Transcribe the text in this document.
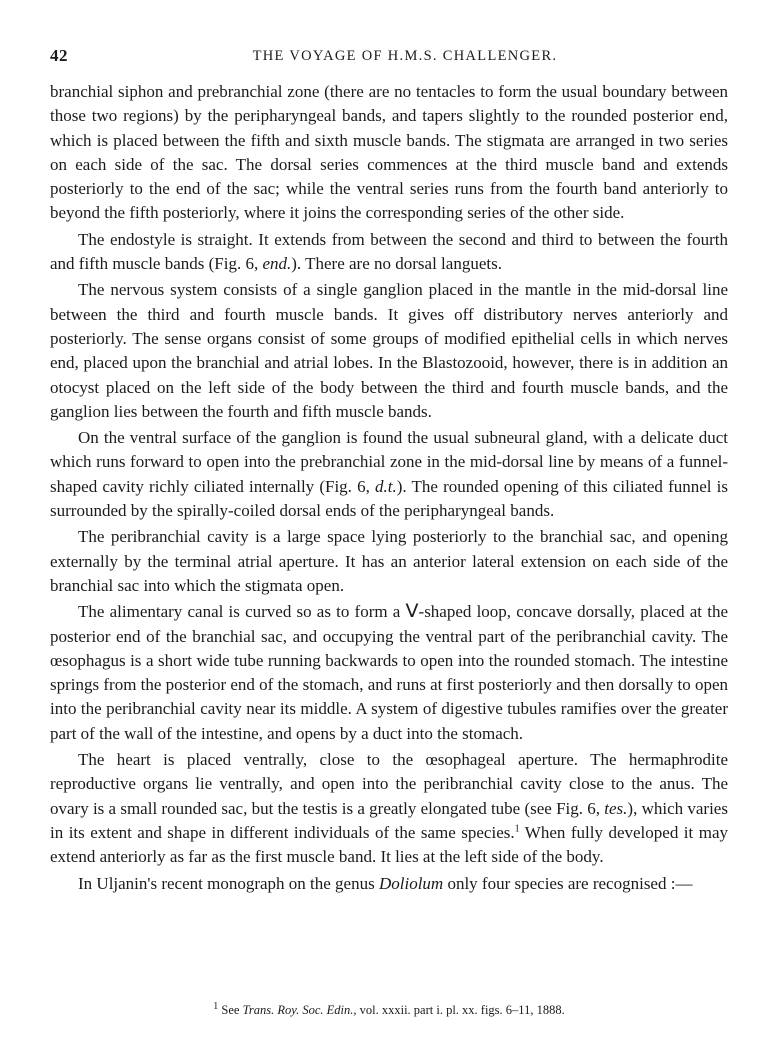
42	THE VOYAGE OF H.M.S. CHALLENGER.

branchial siphon and prebranchial zone (there are no tentacles to form the usual boundary between those two regions) by the peripharyngeal bands, and tapers slightly to the rounded posterior end, which is placed between the fifth and sixth muscle bands. The stigmata are arranged in two series on each side of the sac. The dorsal series commences at the third muscle band and extends posteriorly to the end of the sac; while the ventral series runs from the fourth band anteriorly to beyond the fifth posteriorly, where it joins the corresponding series of the other side.

The endostyle is straight. It extends from between the second and third to between the fourth and fifth muscle bands (Fig. 6, end.). There are no dorsal languets.

The nervous system consists of a single ganglion placed in the mantle in the mid-dorsal line between the third and fourth muscle bands. It gives off distributory nerves anteriorly and posteriorly. The sense organs consist of some groups of modified epithelial cells in which nerves end, placed upon the branchial and atrial lobes. In the Blastozooid, however, there is in addition an otocyst placed on the left side of the body between the third and fourth muscle bands, and the ganglion lies between the fourth and fifth muscle bands.

On the ventral surface of the ganglion is found the usual subneural gland, with a delicate duct which runs forward to open into the prebranchial zone in the mid-dorsal line by means of a funnel-shaped cavity richly ciliated internally (Fig. 6, d.t.). The rounded opening of this ciliated funnel is surrounded by the spirally-coiled dorsal ends of the peripharyngeal bands.

The peribranchial cavity is a large space lying posteriorly to the branchial sac, and opening externally by the terminal atrial aperture. It has an anterior lateral extension on each side of the branchial sac into which the stigmata open.

The alimentary canal is curved so as to form a V-shaped loop, concave dorsally, placed at the posterior end of the branchial sac, and occupying the ventral part of the peribranchial cavity. The œsophagus is a short wide tube running backwards to open into the rounded stomach. The intestine springs from the posterior end of the stomach, and runs at first posteriorly and then dorsally to open into the peribranchial cavity near its middle. A system of digestive tubules ramifies over the greater part of the wall of the intestine, and opens by a duct into the stomach.

The heart is placed ventrally, close to the œsophageal aperture. The hermaphrodite reproductive organs lie ventrally, and open into the peribranchial cavity close to the anus. The ovary is a small rounded sac, but the testis is a greatly elongated tube (see Fig. 6, tes.), which varies in its extent and shape in different individuals of the same species.$^1$ When fully developed it may extend anteriorly as far as the first muscle band. It lies at the left side of the body.

In Uljanin's recent monograph on the genus Doliolum only four species are recognised :—

$^1$ See Trans. Roy. Soc. Edin., vol. xxxii. part i. pl. xx. figs. 6–11, 1888.
